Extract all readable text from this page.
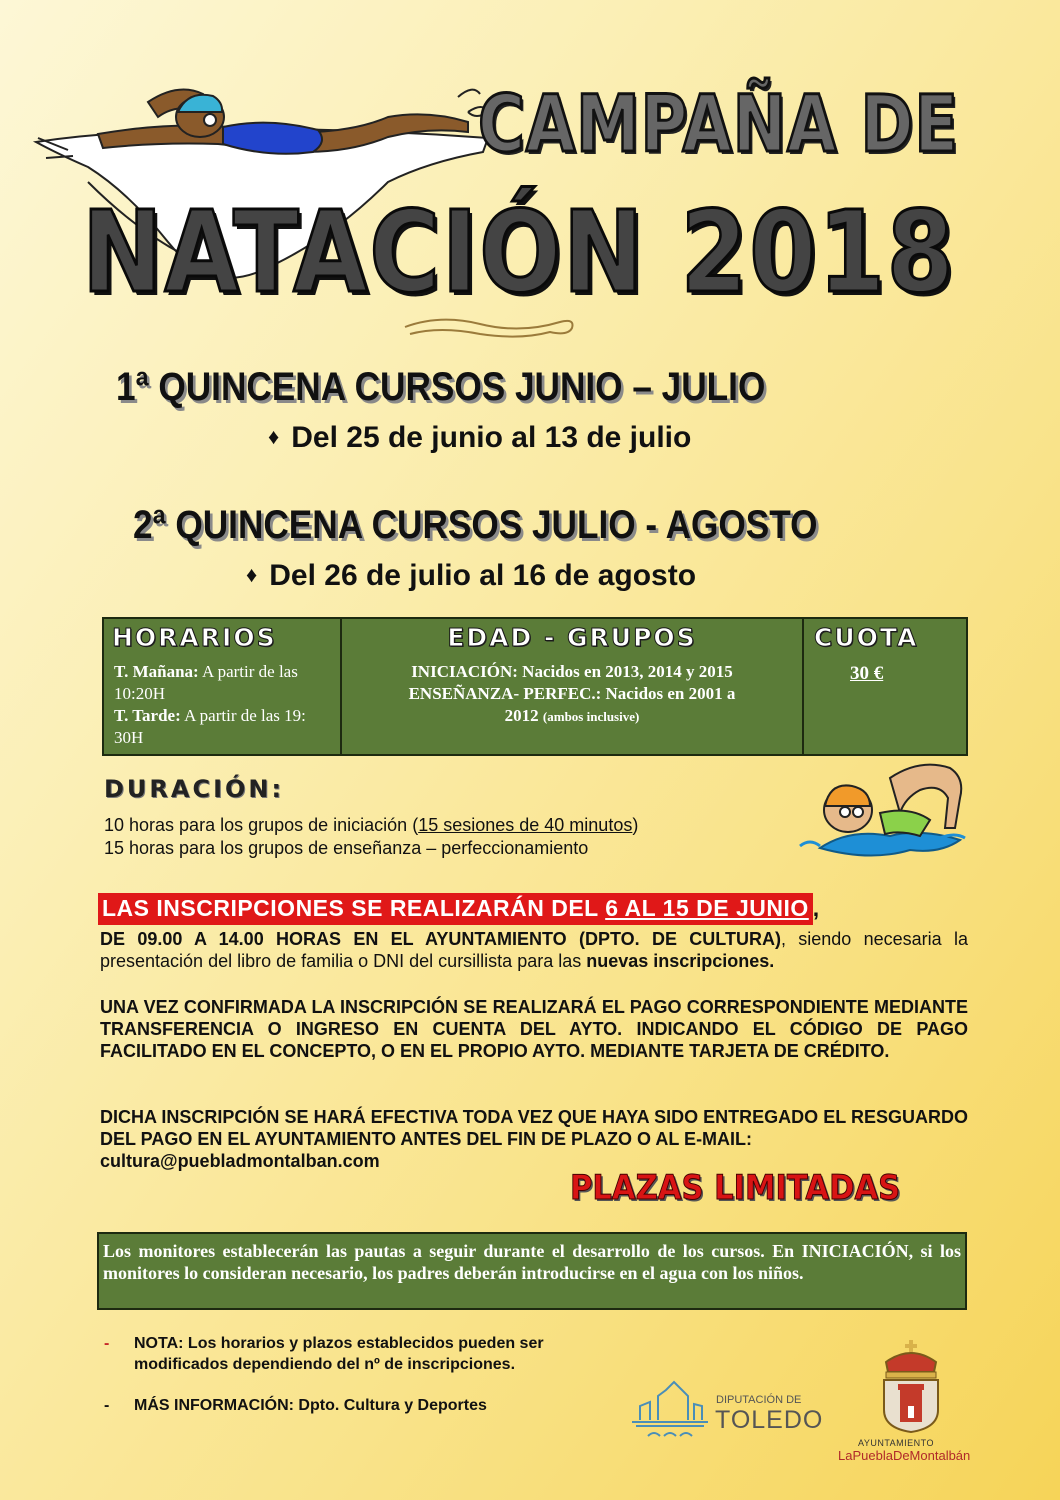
CAMPAÑA DE
NATACIÓN 2018
1ª QUINCENA CURSOS JUNIO – JULIO
♦ Del 25 de junio al 13 de julio
2ª QUINCENA CURSOS JULIO - AGOSTO
♦ Del 26 de julio al 16 de agosto
HORARIOS
T. Mañana: A partir de las 10:20H
T. Tarde: A partir de las 19: 30H
EDAD - GRUPOS
INICIACIÓN: Nacidos en 2013, 2014 y 2015
ENSEÑANZA- PERFEC.: Nacidos en 2001 a
2012 (ambos inclusive)
CUOTA
30 €
DURACIÓN:
10 horas para los grupos de iniciación (15 sesiones de 40 minutos)
15 horas para los grupos de enseñanza – perfeccionamiento
LAS INSCRIPCIONES SE REALIZARÁN DEL 6 AL 15 DE JUNIO ,
DE 09.00 A 14.00 HORAS EN EL AYUNTAMIENTO (DPTO. DE CULTURA), siendo necesaria la presentación del libro de familia o DNI del cursillista para las nuevas inscripciones.
UNA VEZ CONFIRMADA LA INSCRIPCIÓN SE REALIZARÁ EL PAGO CORRESPONDIENTE MEDIANTE TRANSFERENCIA O INGRESO EN CUENTA DEL AYTO. INDICANDO EL CÓDIGO DE PAGO FACILITADO EN EL CONCEPTO, O EN EL PROPIO AYTO. MEDIANTE TARJETA DE CRÉDITO.
DICHA INSCRIPCIÓN SE HARÁ EFECTIVA TODA VEZ QUE HAYA SIDO ENTREGADO EL RESGUARDO DEL PAGO EN EL AYUNTAMIENTO ANTES DEL FIN DE PLAZO O AL E-MAIL:
cultura@puebladmontalban.com
PLAZAS LIMITADAS
Los monitores establecerán las pautas a seguir durante el desarrollo de los cursos. En INICIACIÓN, si los monitores lo consideran necesario, los padres deberán introducirse en el agua con los niños.
- NOTA: Los horarios y plazos establecidos pueden ser modificados dependiendo del nº de inscripciones.
- MÁS INFORMACIÓN: Dpto. Cultura y Deportes	DIPUTACIÓN DE
TOLEDO
AYUNTAMIENTO
LaPueblaDeMontalbán
